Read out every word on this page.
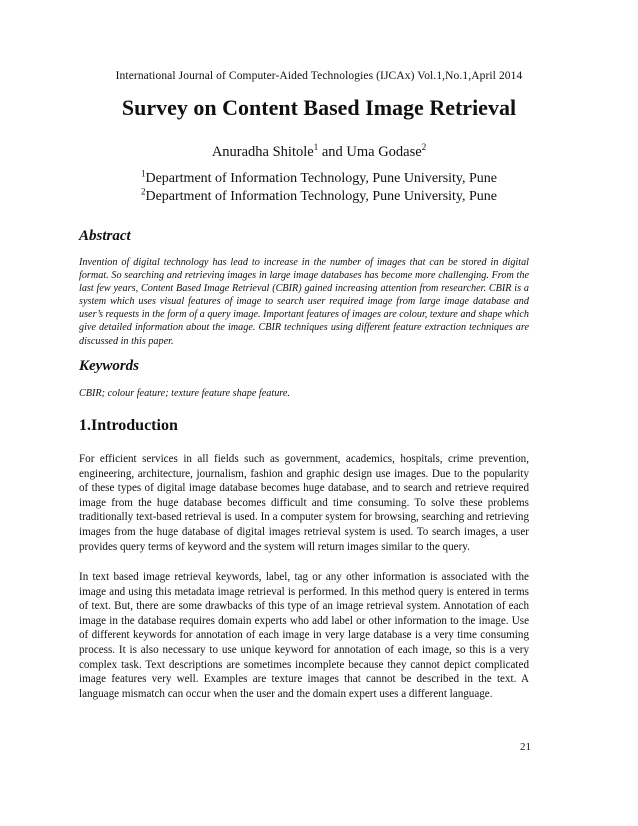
International Journal of Computer-Aided Technologies (IJCAx) Vol.1,No.1,April 2014
Survey on Content Based Image Retrieval
Anuradha Shitole$^1$ and Uma Godase$^2$
$^1$Department of Information Technology, Pune University, Pune
$^2$Department of Information Technology, Pune University, Pune
Abstract

Invention of digital technology has lead to increase in the number of images that can be stored in digital format. So searching and retrieving images in large image databases has become more challenging. From the last few years, Content Based Image Retrieval (CBIR) gained increasing attention from researcher. CBIR is a system which uses visual features of image to search user required image from large image database and user’s requests in the form of a query image. Important features of images are colour, texture and shape which give detailed information about the image. CBIR techniques using different feature extraction techniques are discussed in this paper.

Keywords

CBIR; colour feature; texture feature shape feature.

1.Introduction

For efficient services in all fields such as government, academics, hospitals, crime prevention, engineering, architecture, journalism, fashion and graphic design use images. Due to the popularity of these types of digital image database becomes huge database, and to search and retrieve required image from the huge database becomes difficult and time consuming. To solve these problems traditionally text-based retrieval is used. In a computer system for browsing, searching and retrieving images from the huge database of digital images retrieval system is used. To search images, a user provides query terms of keyword and the system will return images similar to the query.

In text based image retrieval keywords, label, tag or any other information is associated with the image and using this metadata image retrieval is performed. In this method query is entered in terms of text. But, there are some drawbacks of this type of an image retrieval system. Annotation of each image in the database requires domain experts who add label or other information to the image. Use of different keywords for annotation of each image in very large database is a very time consuming process. It is also necessary to use unique keyword for annotation of each image, so this is a very complex task. Text descriptions are sometimes incomplete because they cannot depict complicated image features very well. Examples are texture images that cannot be described in the text. A language mismatch can occur when the user and the domain expert uses a different language.

21
